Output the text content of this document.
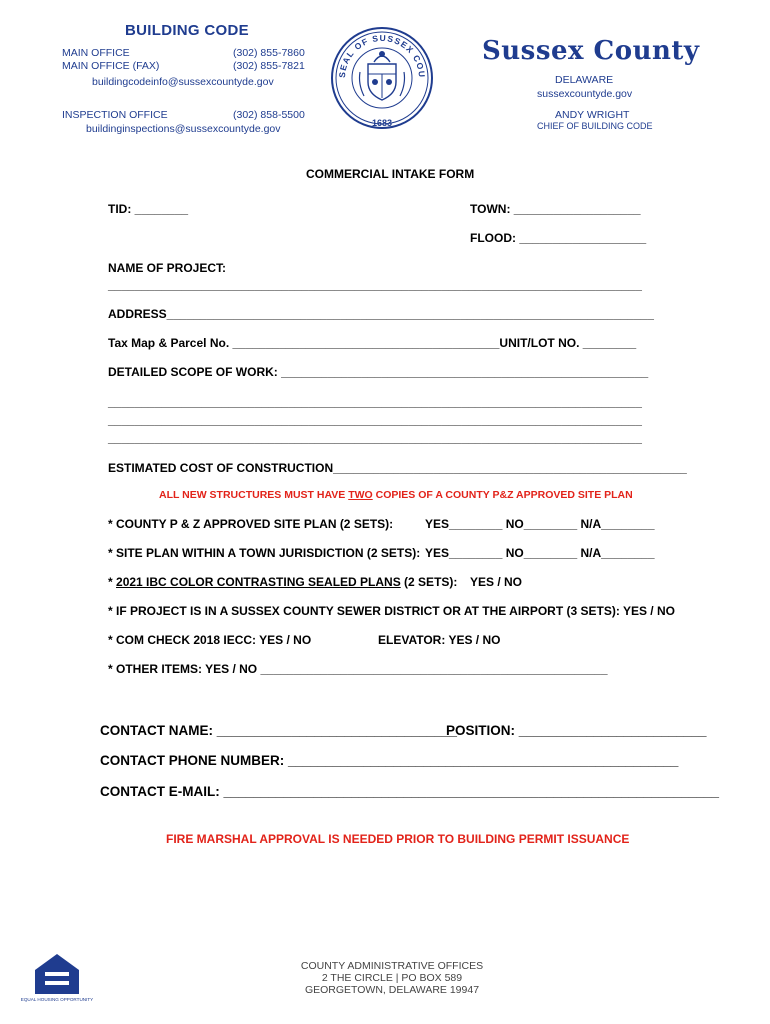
BUILDING CODE
MAIN OFFICE	(302) 855-7860
MAIN OFFICE (FAX)	(302) 855-7821
buildingcodeinfo@sussexcountyde.gov
INSPECTION OFFICE	(302) 858-5500
buildinginspections@sussexcountyde.gov
SEAL OF SUSSEX COU
1683
Sussex County
DELAWARE
sussexcountyde.gov
ANDY WRIGHT
CHIEF OF BUILDING CODE
COMMERCIAL INTAKE FORM
TID: ________	TOWN: ___________________
FLOOD: ___________________
NAME OF PROJECT:
________________________________________________________________________________
ADDRESS_________________________________________________________________________
Tax Map & Parcel No. ________________________________________UNIT/LOT NO. ________
DETAILED SCOPE OF WORK: _______________________________________________________
________________________________________________________________________________
________________________________________________________________________________
________________________________________________________________________________
ESTIMATED COST OF CONSTRUCTION_____________________________________________________
ALL NEW STRUCTURES MUST HAVE TWO COPIES OF A COUNTY P&Z APPROVED SITE PLAN
* COUNTY P & Z APPROVED SITE PLAN (2 SETS):	YES________ NO________ N/A________
* SITE PLAN WITHIN A TOWN JURISDICTION (2 SETS): YES________ NO________ N/A________
* 2021 IBC COLOR CONTRASTING SEALED PLANS (2 SETS): YES / NO
* IF PROJECT IS IN A SUSSEX COUNTY SEWER DISTRICT OR AT THE AIRPORT (3 SETS): YES / NO
* COM CHECK 2018 IECC: YES / NO	ELEVATOR: YES / NO
* OTHER ITEMS: YES / NO ____________________________________________________
CONTACT NAME: ________________________________
POSITION: _________________________
CONTACT PHONE NUMBER: ____________________________________________________
CONTACT E-MAIL: __________________________________________________________________
FIRE MARSHAL APPROVAL IS NEEDED PRIOR TO BUILDING PERMIT ISSUANCE
EQUAL HOUSING OPPORTUNITY
COUNTY ADMINISTRATIVE OFFICES
2 THE CIRCLE | PO BOX 589
GEORGETOWN, DELAWARE 19947
